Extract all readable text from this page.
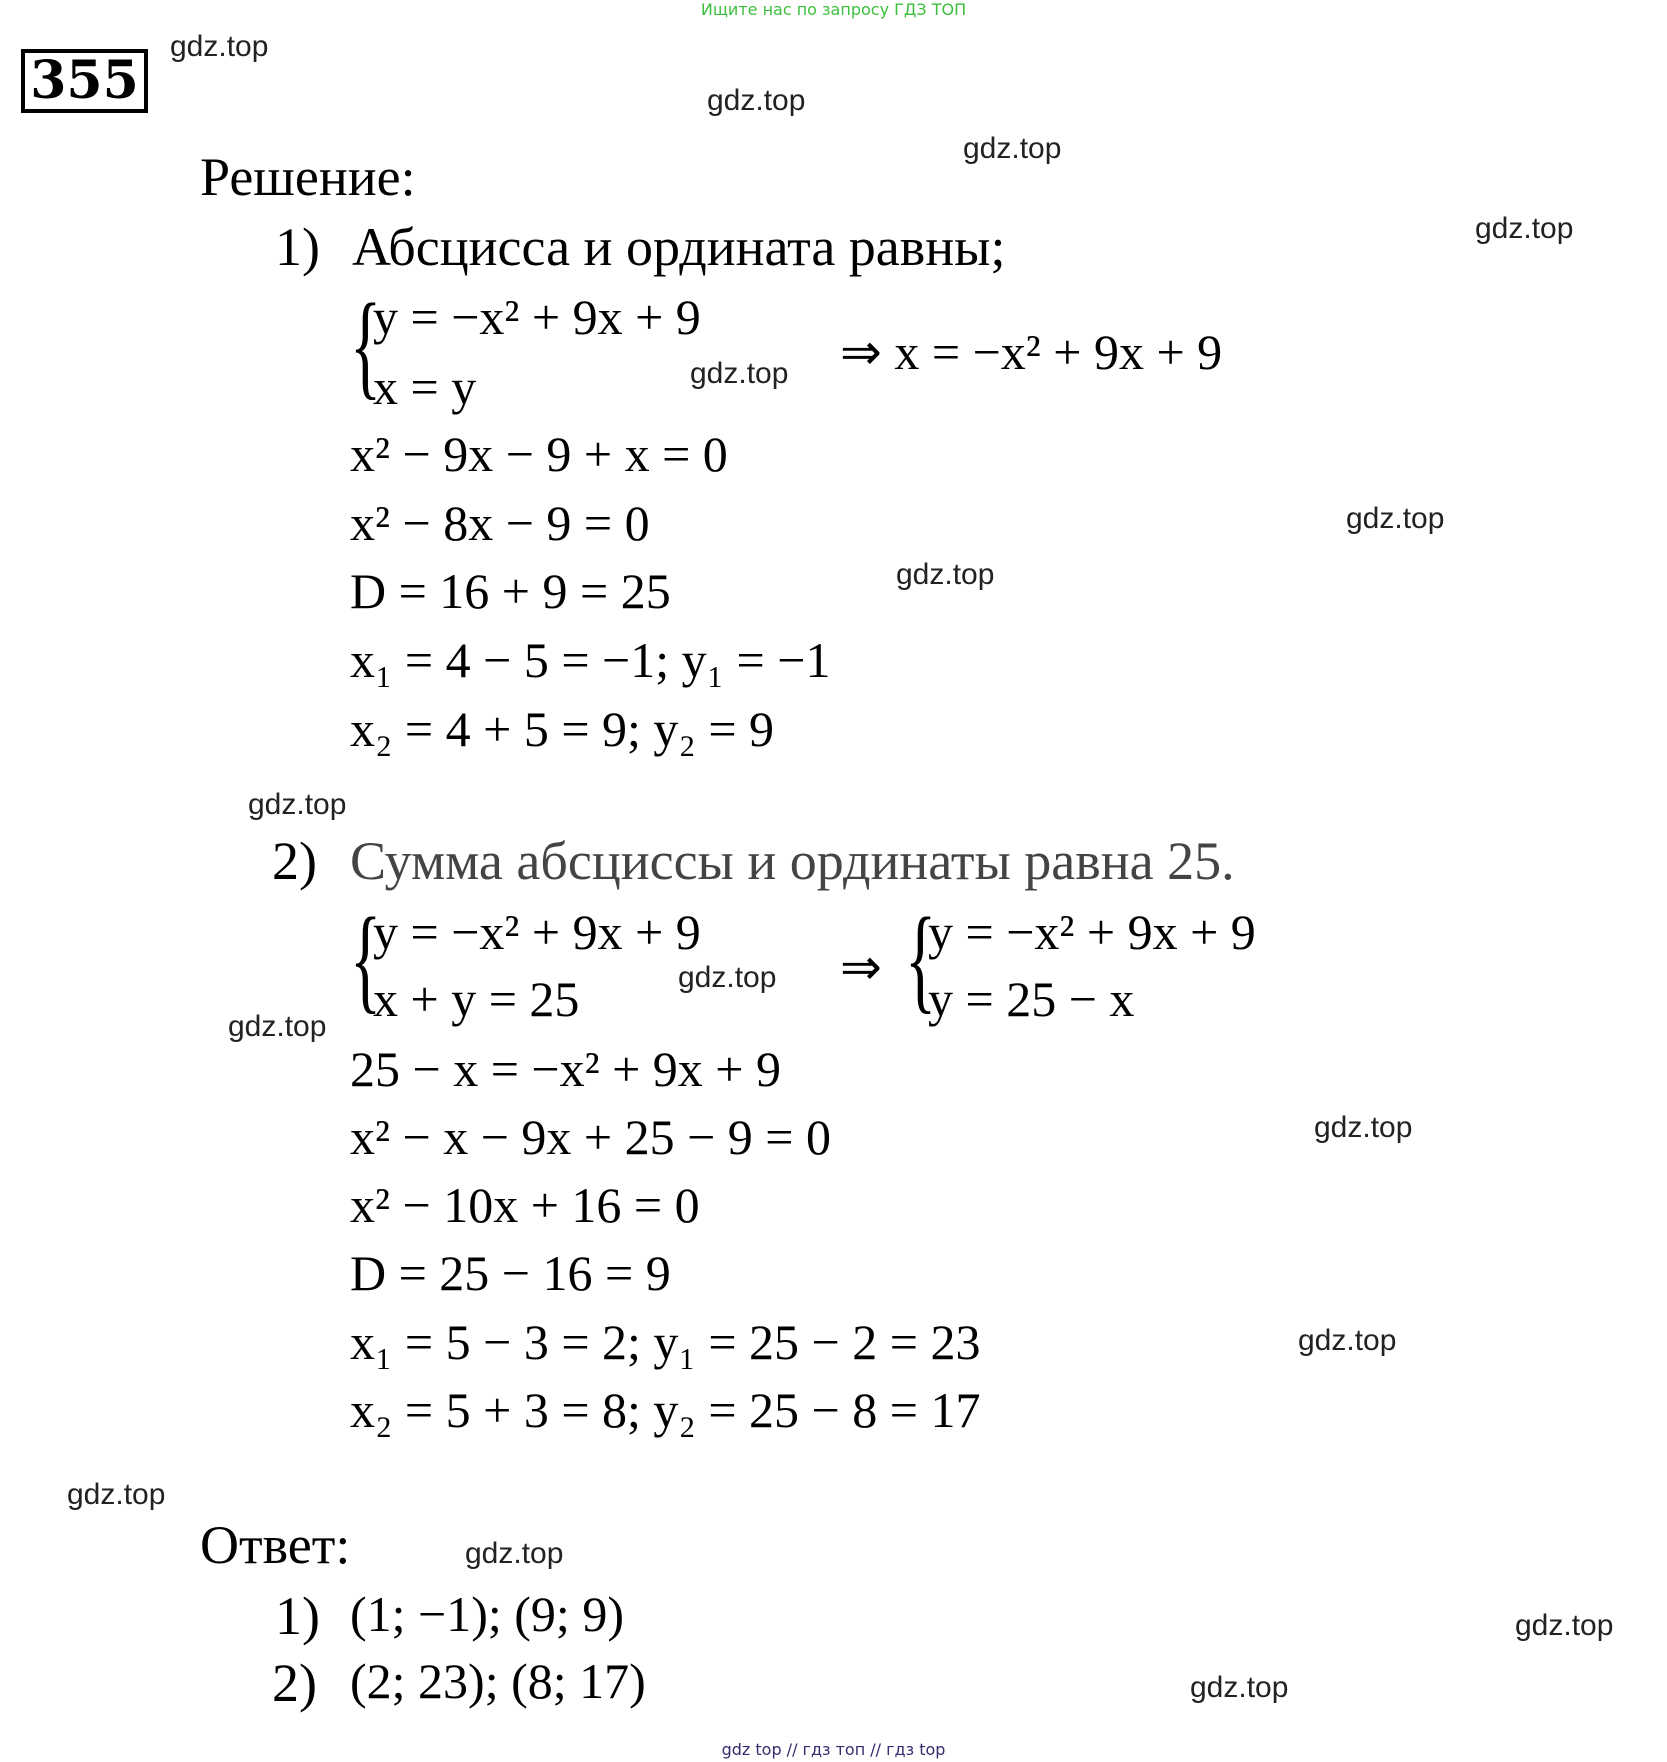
Ищите нас по запросу ГДЗ ТОП
355
gdz.top
gdz.top
gdz.top
gdz.top
gdz.top
gdz.top
gdz.top
gdz.top
gdz.top
gdz.top
gdz.top
gdz.top
gdz.top
gdz.top
gdz.top
gdz.top
Решение:
1) Абсцисса и ордината равны;
{
y = −x² + 9x + 9
x = y
⇒ x = −x² + 9x + 9
x² − 9x − 9 + x = 0
x² − 8x − 9 = 0
D = 16 + 9 = 25
x₁ = 4 − 5 = −1; y₁ = −1
x₂ = 4 + 5 = 9; y₂ = 9
2) Сумма абсциссы и ординаты равна 25.
{
y = −x² + 9x + 9
x + y = 25
⇒ {
y = −x² + 9x + 9
y = 25 − x
25 − x = −x² + 9x + 9
x² − x − 9x + 25 − 9 = 0
x² − 10x + 16 = 0
D = 25 − 16 = 9
x₁ = 5 − 3 = 2; y₁ = 25 − 2 = 23
x₂ = 5 + 3 = 8; y₂ = 25 − 8 = 17
Ответ:
1) (1; −1); (9; 9)
2) (2; 23); (8; 17)
gdz top // гдз топ // гдз top
